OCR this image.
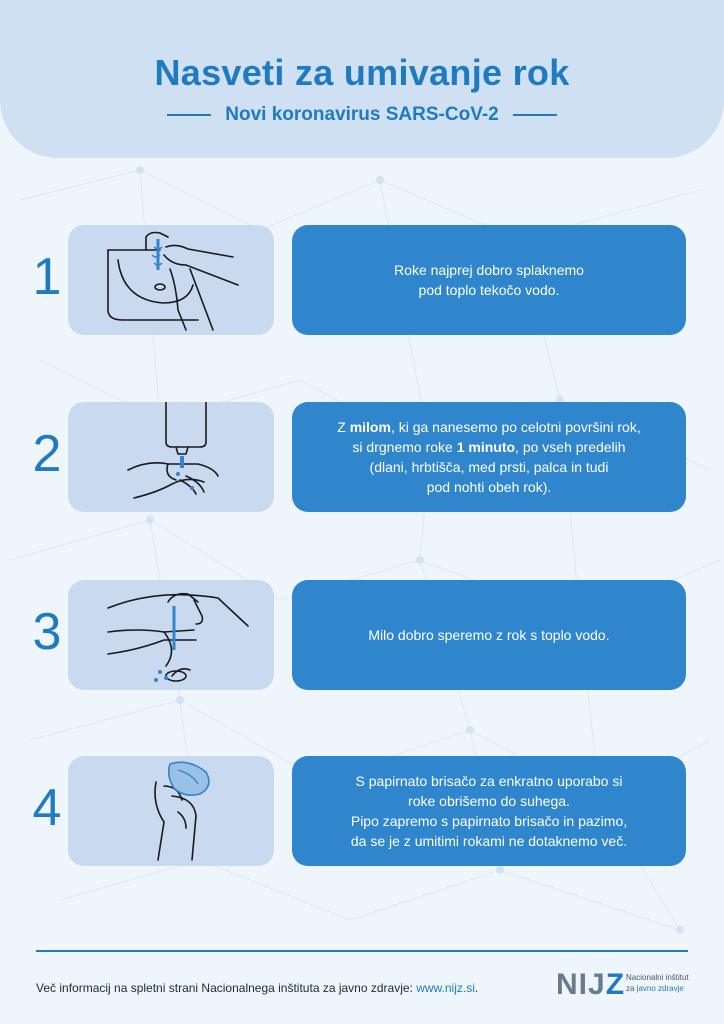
Nasveti za umivanje rok
Novi koronavirus SARS-CoV-2
1	Roke najprej dobro splaknemo
pod toplo tekočo vodo.
2	Z milom, ki ga nanesemo po celotni površini rok,
si drgnemo roke 1 minuto, po vseh predelih
(dlani, hrbtišča, med prsti, palca in tudi
pod nohti obeh rok).
3	Milo dobro speremo z rok s toplo vodo.
4	S papirnato brisačo za enkratno uporabo si
roke obrišemo do suhega.
Pipo zapremo s papirnato brisačo in pazimo,
da se je z umitimi rokami ne dotaknemo več.
Več informacij na spletni strani Nacionalnega inštituta za javno zdravje: www.nijz.si.	NIJZ Nacionalni inštitut
za javno zdravje
